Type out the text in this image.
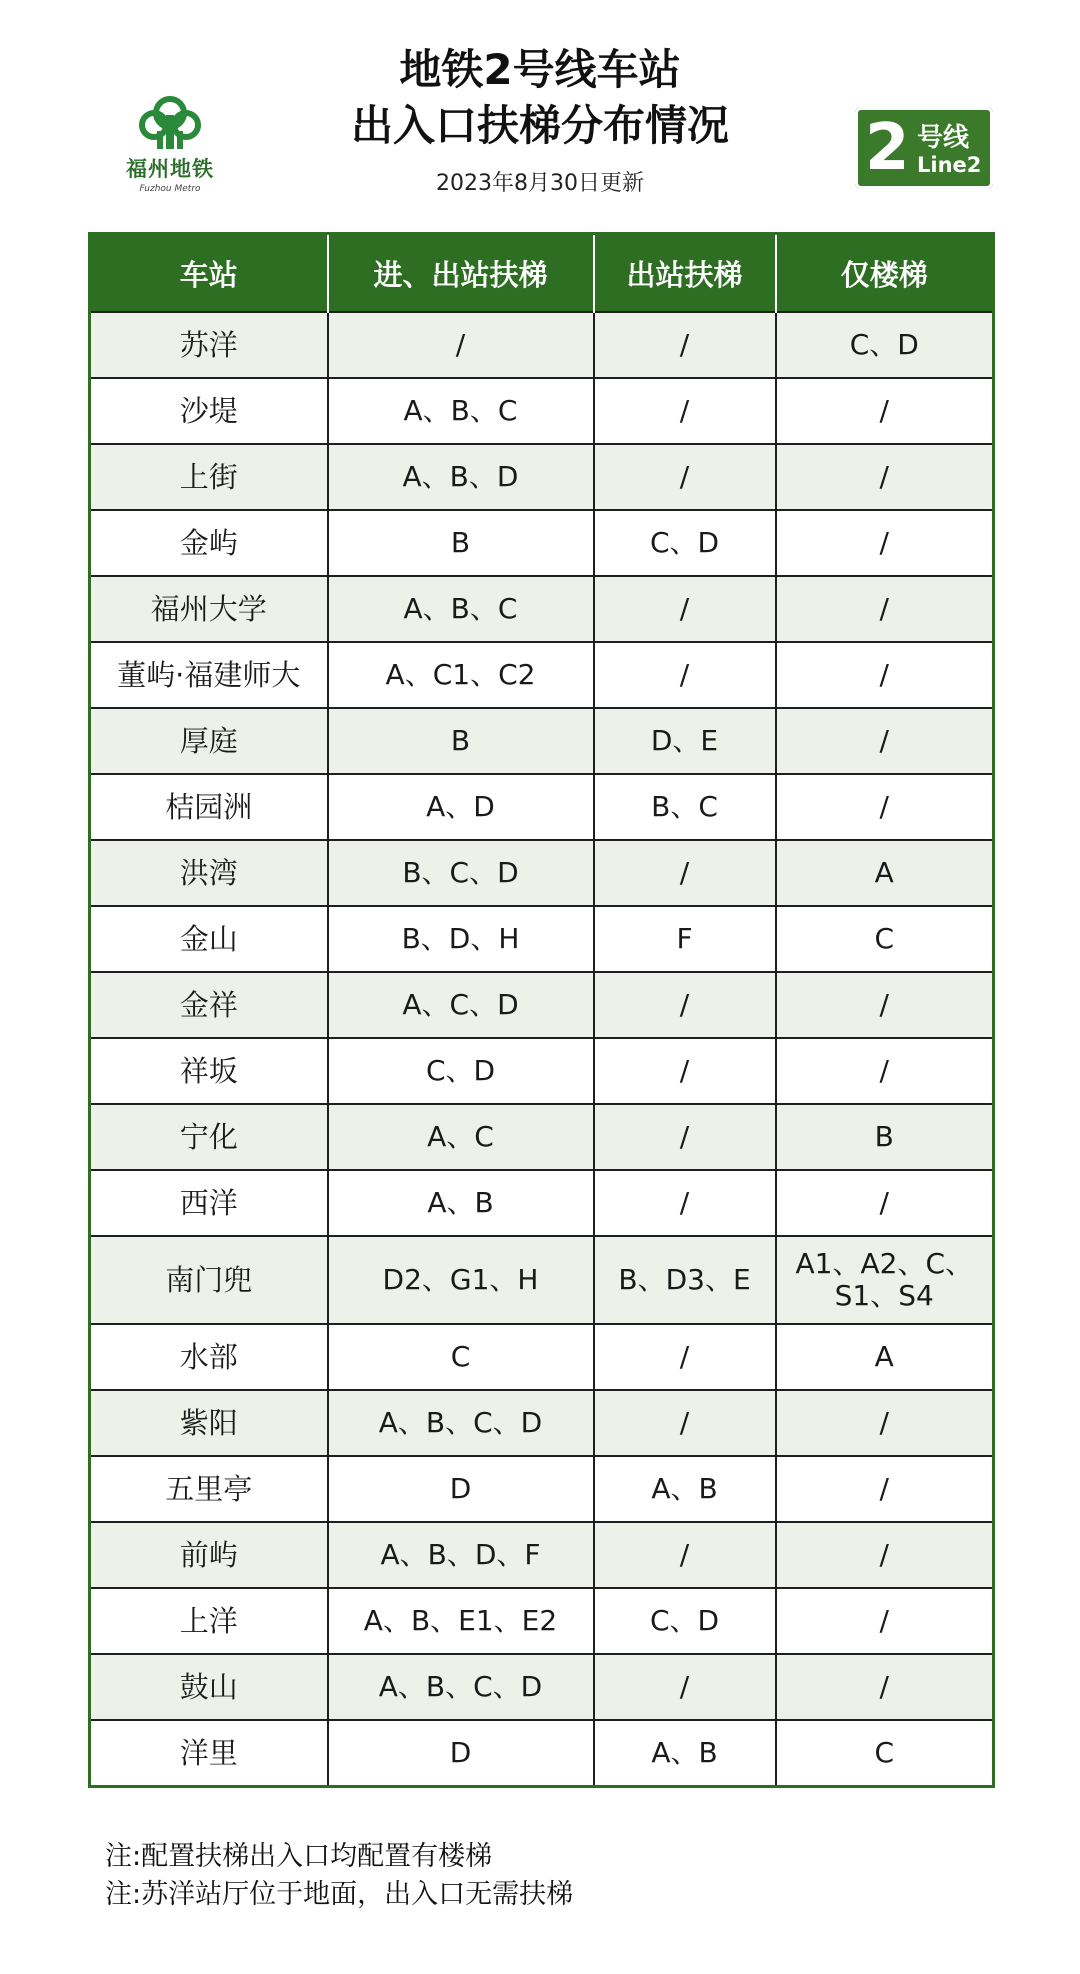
福州地铁
Fuzhou Metro
地铁2号线车站
出入口扶梯分布情况
2023年8月30日更新	2 号线
Line2
车站	进、出站扶梯	出站扶梯	仅楼梯
苏洋	/	/	C、D
沙堤	A、B、C	/	/
上街	A、B、D	/	/
金屿	B	C、D	/
福州大学	A、B、C	/	/
董屿·福建师大	A、C1、C2	/	/
厚庭	B	D、E	/
桔园洲	A、D	B、C	/
洪湾	B、C、D	/	A
金山	B、D、H	F	C
金祥	A、C、D	/	/
祥坂	C、D	/	/
宁化	A、C	/	B
西洋	A、B	/	/
南门兜	D2、G1、H	B、D3、E	A1、A2、C、S1、S4
水部	C	/	A
紫阳	A、B、C、D	/	/
五里亭	D	A、B	/
前屿	A、B、D、F	/	/
上洋	A、B、E1、E2	C、D	/
鼓山	A、B、C、D	/	/
洋里	D	A、B	C
注:配置扶梯出入口均配置有楼梯
注:苏洋站厅位于地面，出入口无需扶梯
